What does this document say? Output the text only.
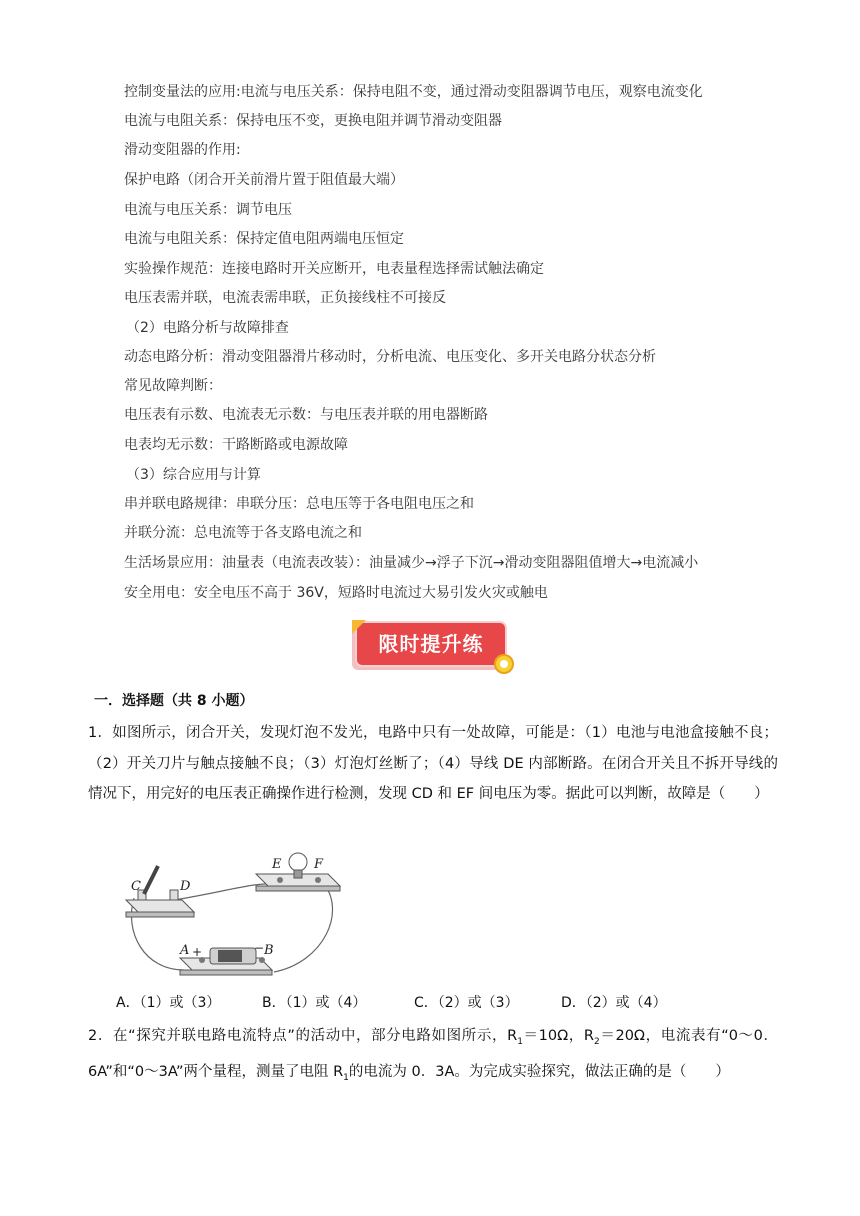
控制变量法的应用:电流与电压关系：保持电阻不变，通过滑动变阻器调节电压，观察电流变化
电流与电阻关系：保持电压不变，更换电阻并调节滑动变阻器
滑动变阻器的作用:
保护电路（闭合开关前滑片置于阻值最大端）
电流与电压关系：调节电压
电流与电阻关系：保持定值电阻两端电压恒定
实验操作规范：连接电路时开关应断开，电表量程选择需试触法确定
电压表需并联，电流表需串联，正负接线柱不可接反
（2）电路分析与故障排查
动态电路分析：滑动变阻器滑片移动时，分析电流、电压变化、多开关电路分状态分析
常见故障判断：
电压表有示数、电流表无示数：与电压表并联的用电器断路
电表均无示数：干路断路或电源故障
（3）综合应用与计算
串并联电路规律：串联分压：总电压等于各电阻电压之和
并联分流：总电流等于各支路电流之和
生活场景应用：油量表（电流表改装）：油量减少→浮子下沉→滑动变阻器阻值增大→电流减小
安全用电：安全电压不高于 36V，短路时电流过大易引发火灾或触电
限时提升练
一．选择题（共 8 小题）
1．如图所示，闭合开关，发现灯泡不发光，电路中只有一处故障，可能是：（1）电池与电池盒接触不良；（2）开关刀片与触点接触不良；（3）灯泡灯丝断了；（4）导线 DE 内部断路。在闭合开关且不拆开导线的情况下，用完好的电压表正确操作进行检测，发现 CD 和 EF 间电压为零。据此可以判断，故障是（　　）
C	D
E	F
A +	− B
A．（1）或（3）	B．（1）或（4）	C．（2）或（3）	D．（2）或（4）
2．在“探究并联电路电流特点”的活动中，部分电路如图所示，$R_1=10\Omega$，$R_2=20\Omega$，电流表有“0～0．6A”和“0～3A”两个量程，测量了电阻 $R_1$的电流为 0．3A。为完成实验探究，做法正确的是（　　）
